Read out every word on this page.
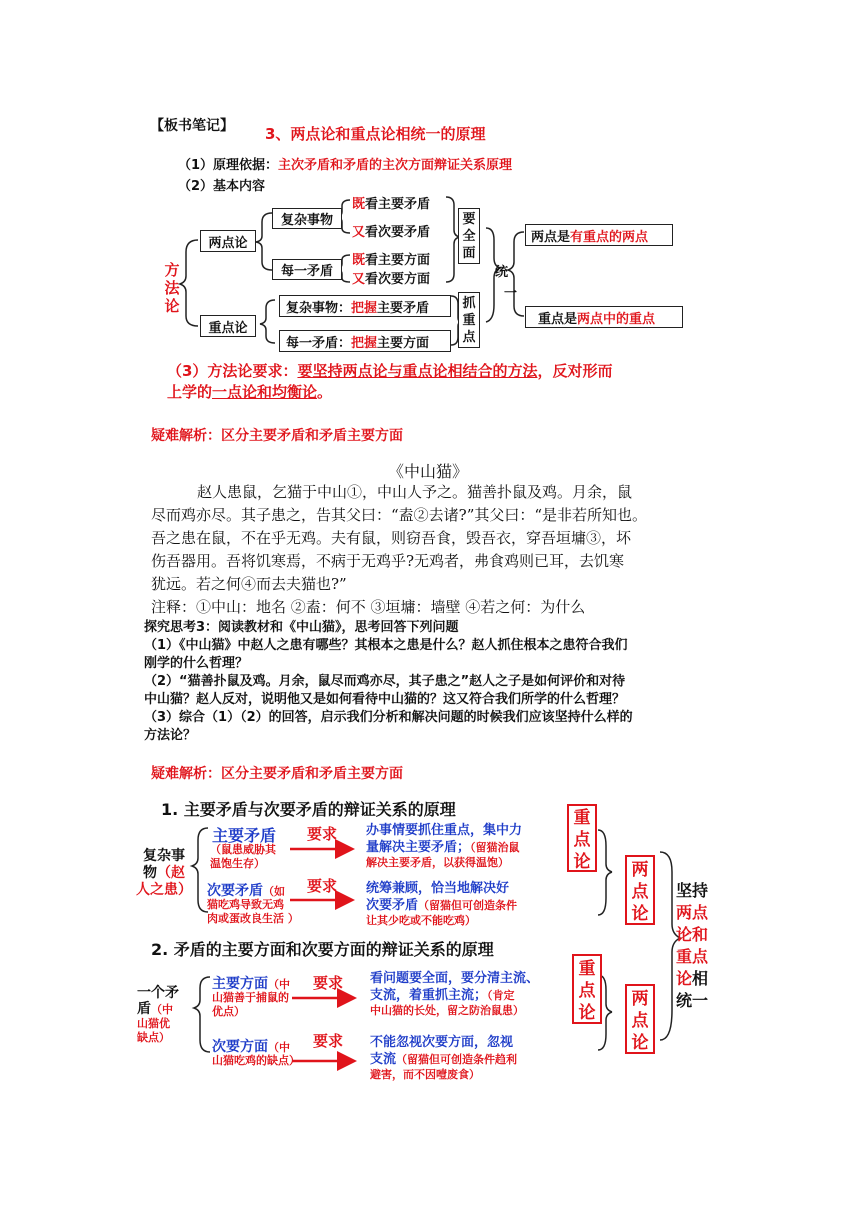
【板书笔记】 3、两点论和重点论相统一的原理
（1）原理依据：主次矛盾和矛盾的主次方面辩证关系原理
（2）基本内容
方
法
论
两点论
重点论
复杂事物
每一矛盾
既看主要矛盾
又看次要矛盾
既看主要方面
又看次要方面
要
全
面
抓
重
点
复杂事物： 把握 主要矛盾
每一矛盾： 把握 主要方面
统
一
两点是 有重点的两点
重点是 两点中的重点
（3）方法论要求：要坚持两点论与重点论相结合的方法，反对形而
上学的一点论和均衡论。
疑难解析：区分主要矛盾和矛盾主要方面
《中山猫》
赵人患鼠，乞猫于中山①，中山人予之。猫善扑鼠及鸡。月余，鼠
尽而鸡亦尽。其子患之，告其父曰：“盍②去诸?”其父曰：“是非若所知也。
吾之患在鼠，不在乎无鸡。夫有鼠，则窃吾食，毁吾衣，穿吾垣墉③，坏
伤吾器用。吾将饥寒焉，不病于无鸡乎?无鸡者，弗食鸡则已耳，去饥寒
犹远。若之何④而去夫猫也?”
注释：①中山：地名 ②盍：何不 ③垣墉：墙壁 ④若之何：为什么
探究思考3：阅读教材和《中山猫》，思考回答下列问题
（1）《中山猫》中赵人之患有哪些？其根本之患是什么？赵人抓住根本之患符合我们
刚学的什么哲理？
（2）“猫善扑鼠及鸡。月余，鼠尽而鸡亦尽，其子患之”赵人之子是如何评价和对待
中山猫？赵人反对，说明他又是如何看待中山猫的？这又符合我们所学的什么哲理？
（3）综合（1）（2）的回答，启示我们分析和解决问题的时候我们应该坚持什么样的
方法论？
疑难解析：区分主要矛盾和矛盾主要方面
1. 主要矛盾与次要矛盾的辩证关系的原理
2. 矛盾的主要方面和次要方面的辩证关系的原理
复杂事
物（赵
人之患）
主要矛盾
（鼠患威胁其
温饱生存）
要求 办事情要抓住重点，集中力
量解决主要矛盾；（留猫治鼠
解决主要矛盾，以获得温饱）
次要矛盾（如
猫吃鸡导致无鸡
肉或蛋改良生活 ）
要求 统筹兼顾，恰当地解决好
次要矛盾（留猫但可创造条件
让其少吃或不能吃鸡）
一个矛
盾（中
山猫优
缺点）
主要方面（中
山猫善于捕鼠的
优点）
要求 看问题要全面，要分清主流、
支流，着重抓主流；（肯定
中山猫的长处，留之防治鼠患）
次要方面（中
山猫吃鸡的缺点）
要求 不能忽视次要方面，忽视
支流（留猫但可创造条件趋利
避害，而不因噎废食）
重
点
论 两
点
论
重
点
论
两
点
论
坚持
两点
论和
重点
论相
统一
